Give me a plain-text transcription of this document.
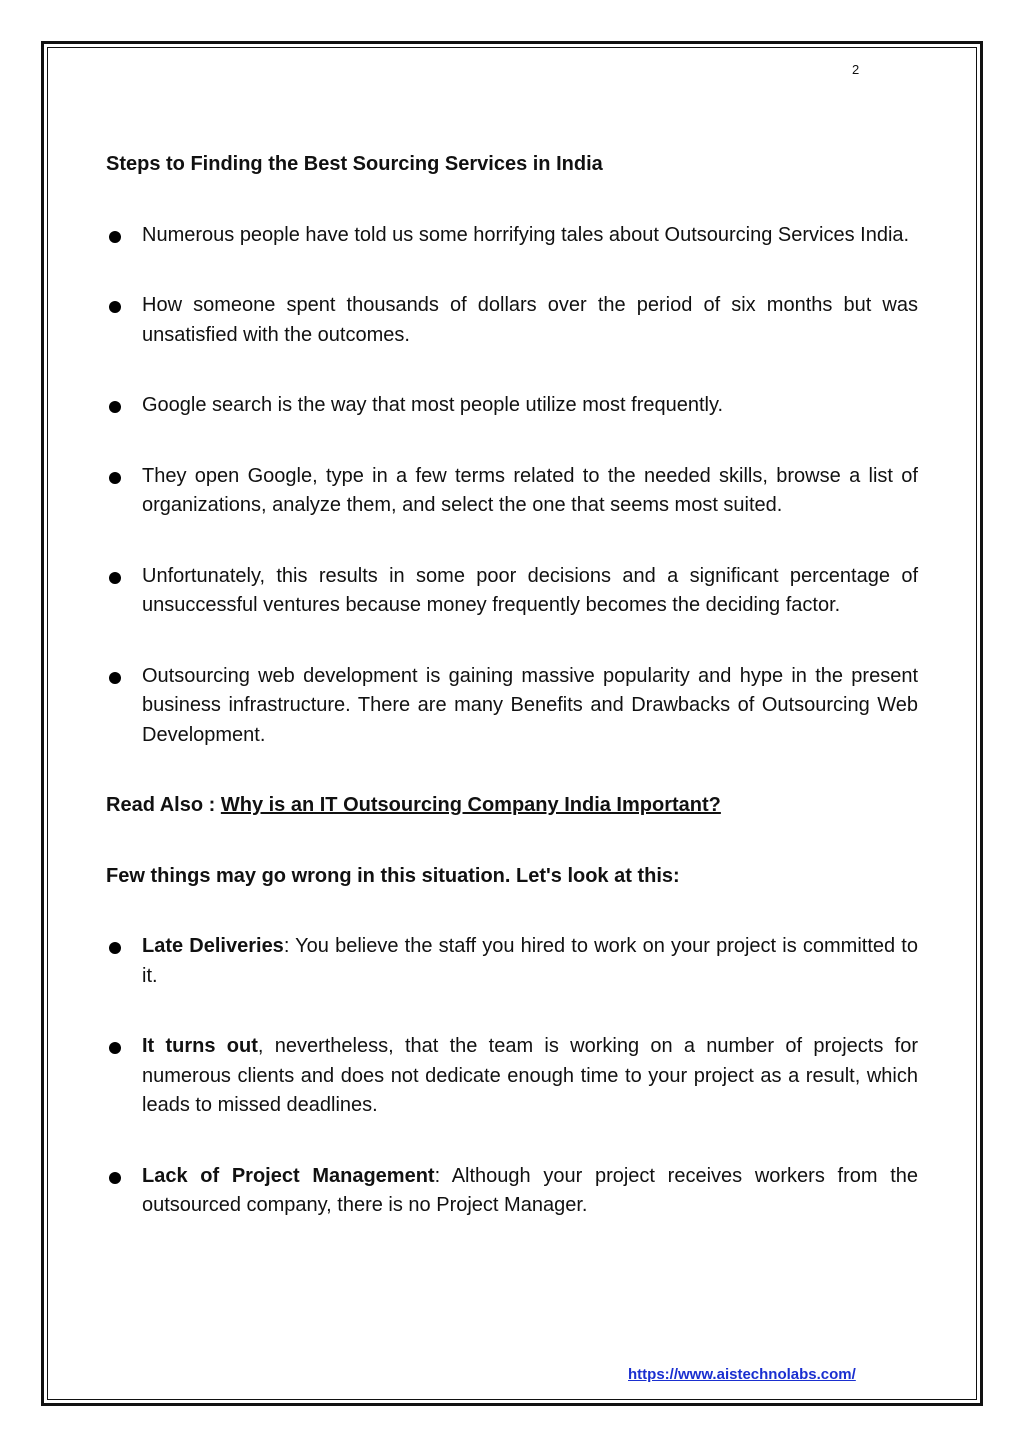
2

Steps to Finding the Best Sourcing Services in India

Numerous people have told us some horrifying tales about Outsourcing Services India.
How someone spent thousands of dollars over the period of six months but was unsatisfied with the outcomes.
Google search is the way that most people utilize most frequently.
They open Google, type in a few terms related to the needed skills, browse a list of organizations, analyze them, and select the one that seems most suited.
Unfortunately, this results in some poor decisions and a significant percentage of unsuccessful ventures because money frequently becomes the deciding factor.
Outsourcing web development is gaining massive popularity and hype in the present business infrastructure. There are many Benefits and Drawbacks of Outsourcing Web Development.

Read Also : Why is an IT Outsourcing Company India Important?

Few things may go wrong in this situation. Let's look at this:

Late Deliveries: You believe the staff you hired to work on your project is committed to it.
It turns out, nevertheless, that the team is working on a number of projects for numerous clients and does not dedicate enough time to your project as a result, which leads to missed deadlines.
Lack of Project Management: Although your project receives workers from the outsourced company, there is no Project Manager.
https://www.aistechnolabs.com/
